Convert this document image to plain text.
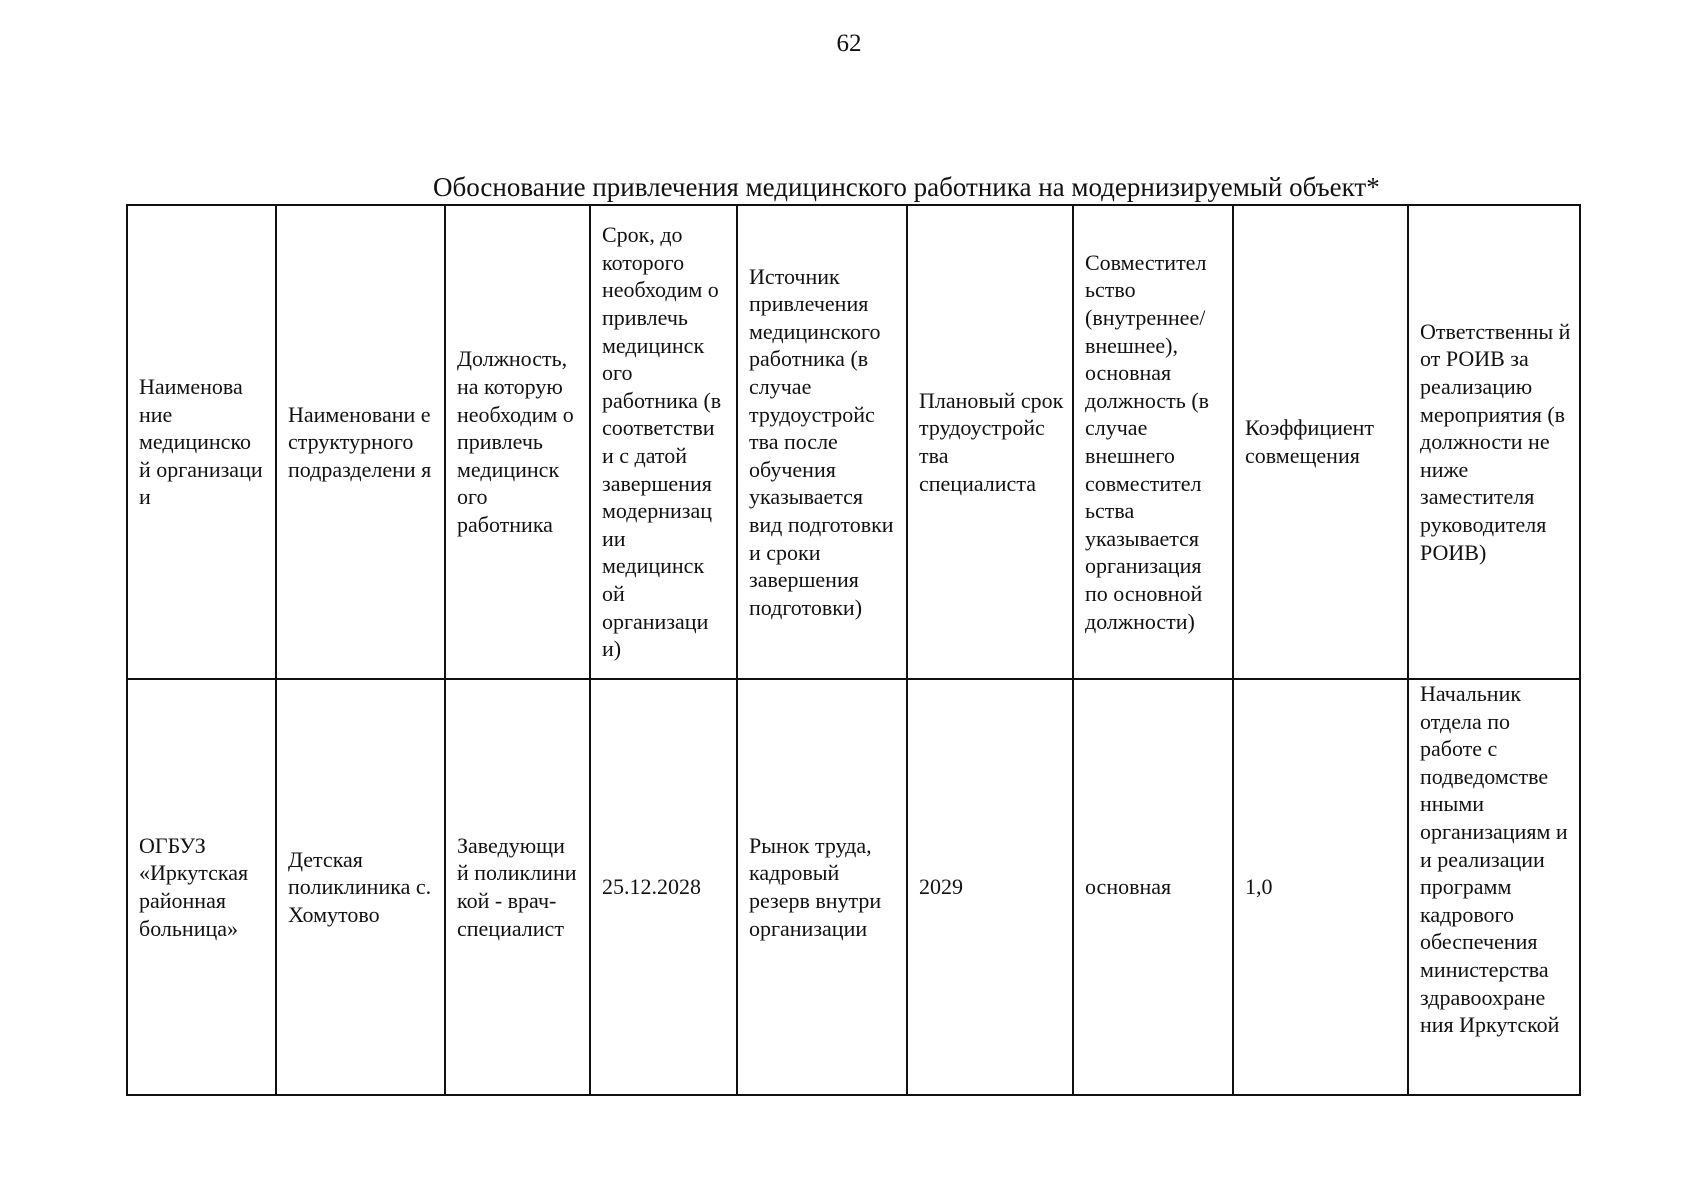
62
Обоснование привлечения медицинского работника на модернизируемый объект*
Наименова ние медицинско й организаци и	Наименовани е структурного подразделени я	Должность, на которую необходим о привлечь медицинск ого работника	Срок, до которого необходим о привлечь медицинск ого работника (в соответстви и с датой завершения модернизац ии медицинск ой организаци и)	Источник привлечения медицинского работника (в случае трудоустройс тва после обучения указывается вид подготовки и сроки завершения подготовки)	Плановый срок трудоустройс тва специалиста	Совместител ьство (внутреннее/ внешнее), основная должность (в случае внешнего совместител ьства указывается организация по основной должности)	Коэффициент совмещения	Ответственны й от РОИВ за реализацию мероприятия (в должности не ниже заместителя руководителя РОИВ)

ОГБУЗ «Иркутская районная больница»	Детская поликлиника с. Хомутово	Заведующи й поликлини кой - врач-специалист	25.12.2028	Рынок труда, кадровый резерв внутри организации	2029	основная	1,0	Начальник отдела по работе с подведомстве нными организациям и и реализации программ кадрового обеспечения министерства здравоохране ния Иркутской
